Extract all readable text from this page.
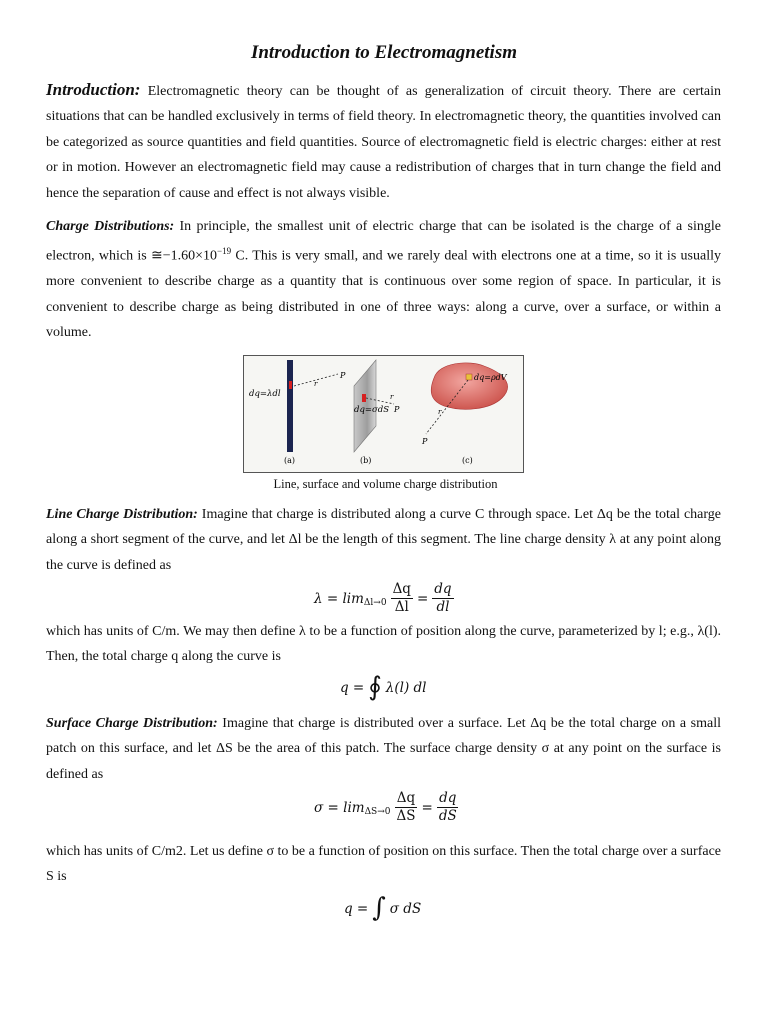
Introduction to Electromagnetism
Introduction: Electromagnetic theory can be thought of as generalization of circuit theory. There are certain situations that can be handled exclusively in terms of field theory. In electromagnetic theory, the quantities involved can be categorized as source quantities and field quantities. Source of electromagnetic field is electric charges: either at rest or in motion. However an electromagnetic field may cause a redistribution of charges that in turn change the field and hence the separation of cause and effect is not always visible.
Charge Distributions: In principle, the smallest unit of electric charge that can be isolated is the charge of a single electron, which is $≅-1.60\times 10^{-19}$ C. This is very small, and we rarely deal with electrons one at a time, so it is usually more convenient to describe charge as a quantity that is continuous over some region of space. In particular, it is convenient to describe charge as being distributed in one of three ways: along a curve, over a surface, or within a volume.
dq=λdl
P
r
(a)
dq=σdS
r
P
(b)
dq=ρdV
r
P
(c)
Line, surface and volume charge distribution
Line Charge Distribution: Imagine that charge is distributed along a curve C through space. Let Δq be the total charge along a short segment of the curve, and let Δl be the length of this segment. The line charge density λ at any point along the curve is defined as
λ =
$\lim \Delta l\to 0 \frac{\Delta q}{\Delta l} = \frac{dq}{dl}$
which has units of C/m. We may then define λ to be a function of position along the curve, parameterized by l; e.g., λ(l). Then, the total charge q along the curve is
q = ∮ λ(l) dl
Surface Charge Distribution: Imagine that charge is distributed over a surface. Let Δq be the total charge on a small patch on this surface, and let ΔS be the area of this patch. The surface charge density σ at any point on the surface is defined as
σ =
$\lim \Delta S\to 0 \frac{\Delta q}{\Delta S} = \frac{dq}{dS}$
which has units of C/m2. Let us define σ to be a function of position on this surface. Then the total charge over a surface S is
q = ∫ σ dS
